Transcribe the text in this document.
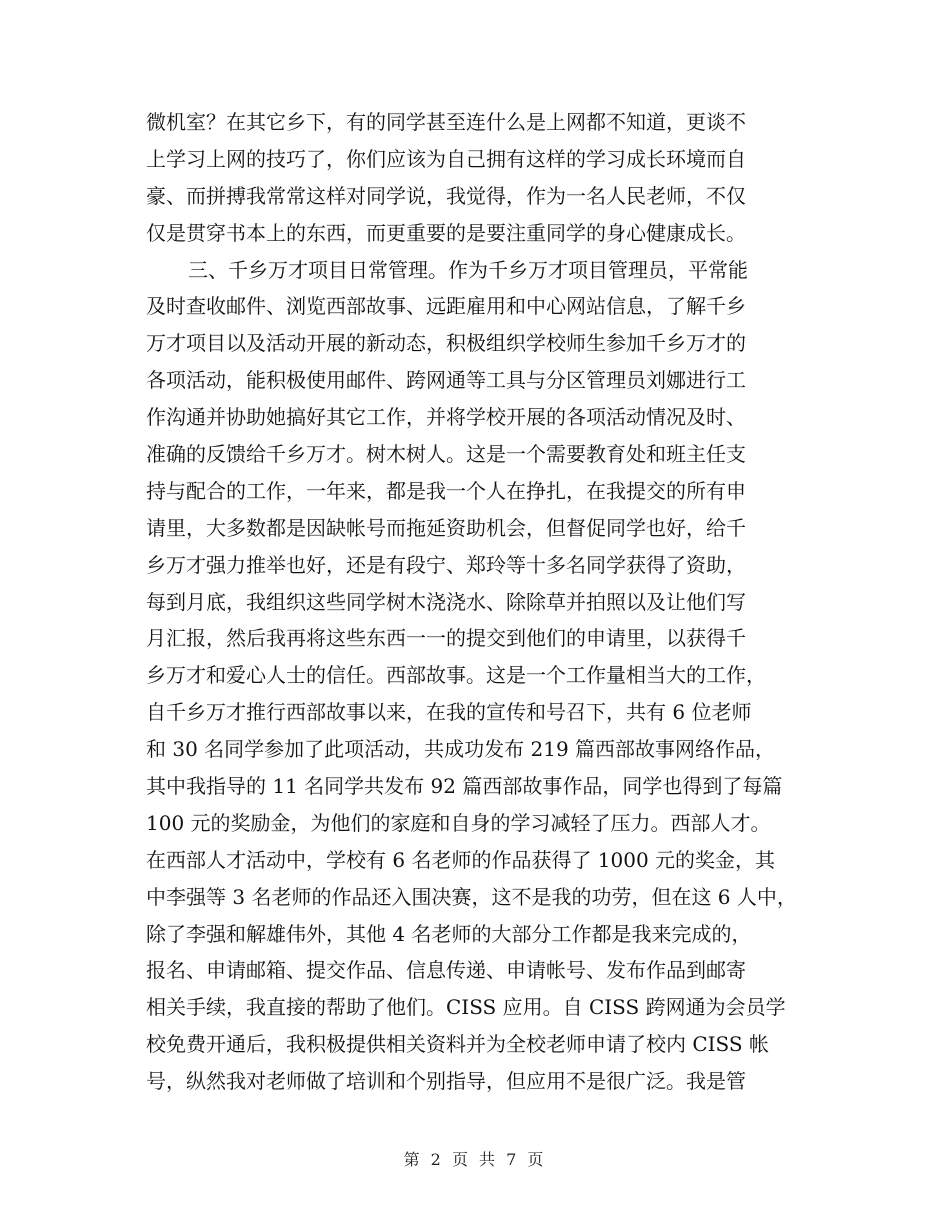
微机室？在其它乡下，有的同学甚至连什么是上网都不知道，更谈不
上学习上网的技巧了，你们应该为自己拥有这样的学习成长环境而自
豪、而拼搏我常常这样对同学说，我觉得，作为一名人民老师，不仅
仅是贯穿书本上的东西，而更重要的是要注重同学的身心健康成长。
三、千乡万才项目日常管理。作为千乡万才项目管理员，平常能
及时查收邮件、浏览西部故事、远距雇用和中心网站信息，了解千乡
万才项目以及活动开展的新动态，积极组织学校师生参加千乡万才的
各项活动，能积极使用邮件、跨网通等工具与分区管理员刘娜进行工
作沟通并协助她搞好其它工作，并将学校开展的各项活动情况及时、
准确的反馈给千乡万才。树木树人。这是一个需要教育处和班主任支
持与配合的工作，一年来，都是我一个人在挣扎，在我提交的所有申
请里，大多数都是因缺帐号而拖延资助机会，但督促同学也好，给千
乡万才强力推举也好，还是有段宁、郑玲等十多名同学获得了资助，
每到月底，我组织这些同学树木浇浇水、除除草并拍照以及让他们写
月汇报，然后我再将这些东西一一的提交到他们的申请里，以获得千
乡万才和爱心人士的信任。西部故事。这是一个工作量相当大的工作，
自千乡万才推行西部故事以来，在我的宣传和号召下，共有 6 位老师
和 30 名同学参加了此项活动，共成功发布 219 篇西部故事网络作品，
其中我指导的 11 名同学共发布 92 篇西部故事作品，同学也得到了每篇
100 元的奖励金，为他们的家庭和自身的学习减轻了压力。西部人才。
在西部人才活动中，学校有 6 名老师的作品获得了 1000 元的奖金，其
中李强等 3 名老师的作品还入围决赛，这不是我的功劳，但在这 6 人中，
除了李强和解雄伟外，其他 4 名老师的大部分工作都是我来完成的，
报名、申请邮箱、提交作品、信息传递、申请帐号、发布作品到邮寄
相关手续，我直接的帮助了他们。CISS 应用。自 CISS 跨网通为会员学
校免费开通后，我积极提供相关资料并为全校老师申请了校内 CISS 帐
号，纵然我对老师做了培训和个别指导，但应用不是很广泛。我是管
第 2 页 共 7 页
